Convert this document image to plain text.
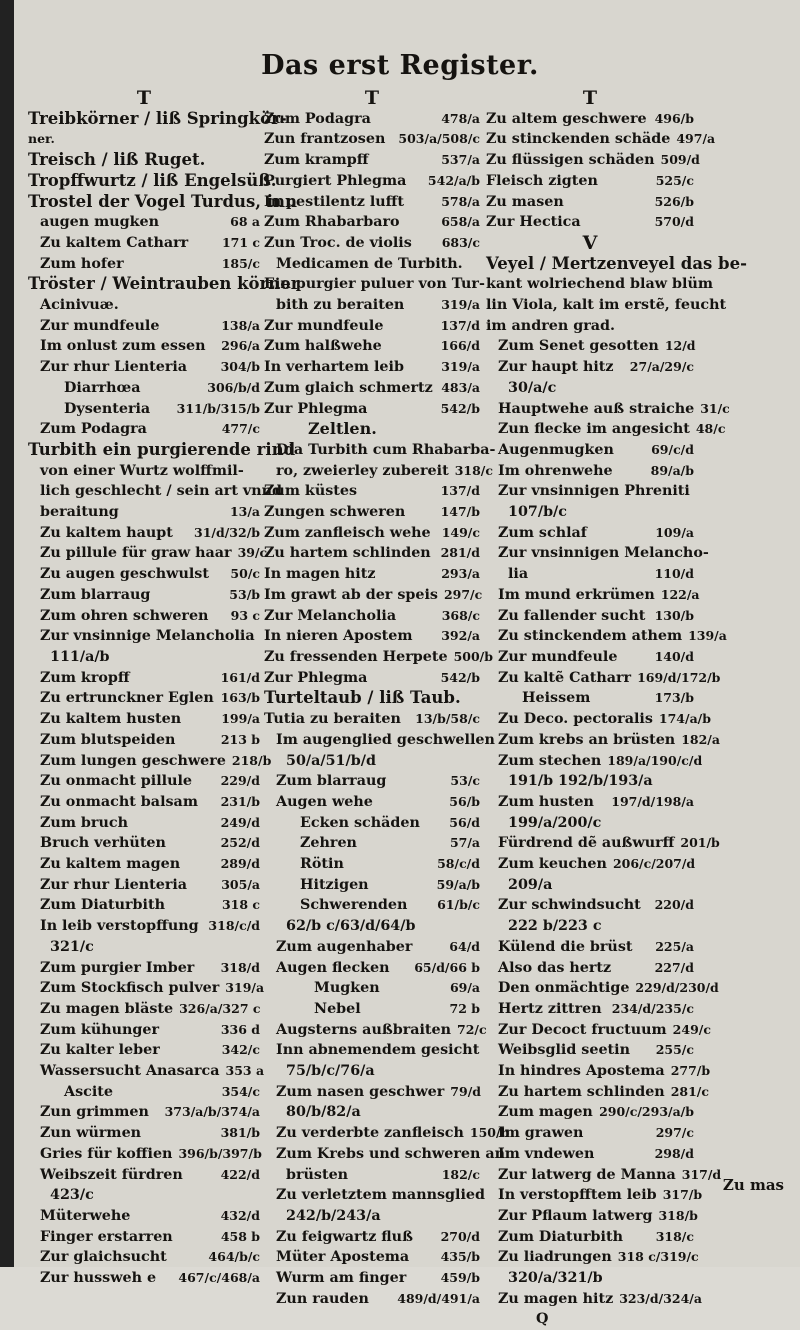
Das erst Register.
T
Treibkörner / liß Springkör-
ner.
Treisch / liß Ruget.
Tropffwurtz / liß Engelsüß.
Trostel der Vogel Turdus, inn
augen mugken	68 a
Zu kaltem Catharr	171 c
Zum hofer	185/c
Tröster / Weintrauben körner
Acinivuæ.
Zur mundfeule	138/a
Im onlust zum essen	296/a
Zur rhur Lienteria	304/b
Diarrhœa	306/b/d
Dysenteria	311/b/315/b
Zum Podagra	477/c
Turbith ein purgierende rind
von einer Wurtz wolffmil-
lich geschlecht / sein art vnnd
beraitung	13/a
Zu kaltem haupt	31/d/32/b
Zu pillule für graw haar 39/c
Zu augen geschwulst	50/c
Zum blarraug	53/b
Zum ohren schweren	93 c
Zur vnsinnige Melancholia
111/a/b
Zum kropff	161/d
Zu ertrunckner Eglen 163/b
Zu kaltem husten	199/a
Zum blutspeiden	213 b
Zum lungen geschwere 218/b
Zu onmacht pillule	229/d
Zu onmacht balsam	231/b
Zum bruch	249/d
Bruch verhüten	252/d
Zu kaltem magen	289/d
Zur rhur Lienteria	305/a
Zum Diaturbith	318 c
In leib verstopffung 318/c/d
321/c
Zum purgier Imber	318/d
Zum Stockfisch pulver 319/a
Zu magen bläste 326/a/327 c
Zum kühunger	336 d
Zu kalter leber	342/c
Wassersucht Anasarca 353 a
Ascite	354/c
Zun grimmen	373/a/b/374/a
Zun würmen	381/b
Gries für koffien 396/b/397/b
Weibszeit fürdren	422/d
423/c
Müterwehe	432/d
Finger erstarren	458 b
Zur glaichsucht	464/b/c
Zur hussweh e	467/c/468/a
T
Zum Podagra	478/a
Zun frantzosen	503/a/508/c
Zum krampff	537/a
Purgiert Phlegma	542/a/b
In pestilentz lufft	578/a
Zum Rhabarbaro	658/a
Zun Troc. de violis	683/c
Medicamen de Turbith.
Ein purgier puluer von Tur-
bith zu beraiten	319/a
Zur mundfeule	137/d
Zum halßwehe	166/d
In verhartem leib	319/a
Zum glaich schmertz 483/a
Zur Phlegma	542/b
Zeltlen.
Dia Turbith cum Rhabarba-
ro, zweierley zubereit 318/c
Zum küstes	137/d
Zungen schweren	147/b
Zum zanfleisch wehe 149/c
Zu hartem schlinden 281/d
In magen hitz	293/a
Im grawt ab der speis 297/c
Zur Melancholia	368/c
In nieren Apostem	392/a
Zu fressenden Herpete 500/b
Zur Phlegma	542/b
Turteltaub / liß Taub.
Tutia zu beraiten	13/b/58/c
Im augenglied geschwellen
50/a/51/b/d
Zum blarraug	53/c
Augen wehe	56/b
Ecken schäden	56/d
Zehren	57/a
Rötin	58/c/d
Hitzigen	59/a/b
Schwerenden	61/b/c
62/b c/63/d/64/b
Zum augenhaber	64/d
Augen flecken	65/d/66 b
Mugken	69/a
Nebel	72 b
Augsterns außbraiten 72/c
Inn abnemendem gesicht
75/b/c/76/a
Zum nasen geschwer 79/d
80/b/82/a
Zu verderbte zanfleisch 150/b
Zum Krebs und schweren an
brüsten	182/c
Zu verletztem mannsglied
242/b/243/a
Zu feigwartz fluß	270/d
Müter Apostema	435/b
Wurm am finger	459/b
Zun rauden	489/d/491/a
T
Zu altem geschwere 496/b
Zu stinckenden schäde 497/a
Zu flüssigen schäden 509/d
Fleisch zigten	525/c
Zu masen	526/b
Zur Hectica	570/d
V
Veyel / Mertzenveyel das be-
kant wolriechend blaw blüm
lin Viola, kalt im erstẽ, feucht
im andren grad.
Zum Senet gesotten 12/d
Zur haupt hitz	27/a/29/c
30/a/c
Hauptwehe auß straiche 31/c
Zun flecke im angesicht 48/c
Augenmugken	69/c/d
Im ohrenwehe	89/a/b
Zur vnsinnigen Phreniti
107/b/c
Zum schlaf	109/a
Zur vnsinnigen Melancho-
lia	110/d
Im mund erkrümen 122/a
Zu fallender sucht 130/b
Zu stinckendem athem 139/a
Zur mundfeule	140/d
Zu kaltẽ Catharr 169/d/172/b
Heissem	173/b
Zu Deco. pectoralis 174/a/b
Zum krebs an brüsten 182/a
Zum stechen 189/a/190/c/d
191/b 192/b/193/a
Zum husten	197/d/198/a
199/a/200/c
Fürdrend dẽ außwurff 201/b
Zum keuchen 206/c/207/d
209/a
Zur schwindsucht	220/d
222 b/223 c
Külend die brüst	225/a
Also das hertz	227/d
Den onmächtige 229/d/230/d
Hertz zittren 234/d/235/c
Zur Decoct fructuum 249/c
Weibsglid seetin	255/c
In hindres Apostema 277/b
Zu hartem schlinden 281/c
Zum magen 290/c/293/a/b
Im grawen	297/c
Im vndewen	298/d
Zur latwerg de Manna 317/d
In verstopfftem leib 317/b
Zur Pflaum latwerg 318/b
Zum Diaturbith	318/c
Zu liadrungen 318 c/319/c
320/a/321/b
Zu magen hitz 323/d/324/a
Q
Zu mas
